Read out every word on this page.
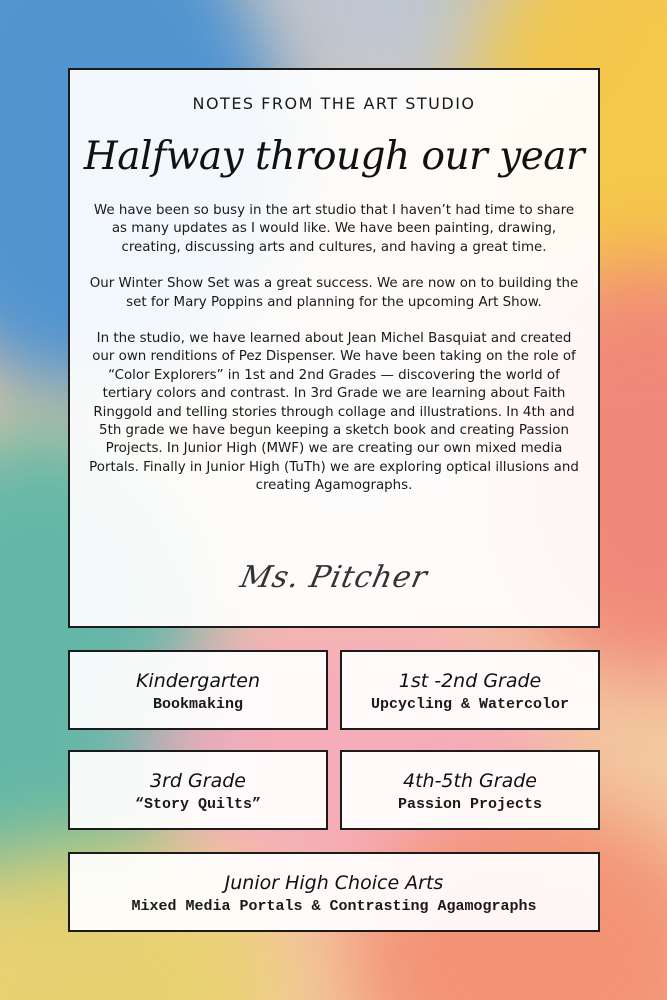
NOTES FROM THE ART STUDIO
Halfway through our year

We have been so busy in the art studio that I haven’t had time to share as many updates as I would like. We have been painting, drawing, creating, discussing arts and cultures, and having a great time.

Our Winter Show Set was a great success. We are now on to building the set for Mary Poppins and planning for the upcoming Art Show.

In the studio, we have learned about Jean Michel Basquiat and created our own renditions of Pez Dispenser. We have been taking on the role of “Color Explorers” in 1st and 2nd Grades — discovering the world of tertiary colors and contrast. In 3rd Grade we are learning about Faith Ringgold and telling stories through collage and illustrations. In 4th and 5th grade we have begun keeping a sketch book and creating Passion Projects. In Junior High (MWF) we are creating our own mixed media Portals. Finally in Junior High (TuTh) we are exploring optical illusions and creating Agamographs.

Ms. Pitcher
Kindergarten
Bookmaking
1st -2nd Grade
Upcycling & Watercolor
3rd Grade
“Story Quilts”
4th-5th Grade
Passion Projects
Junior High Choice Arts
Mixed Media Portals & Contrasting Agamographs
